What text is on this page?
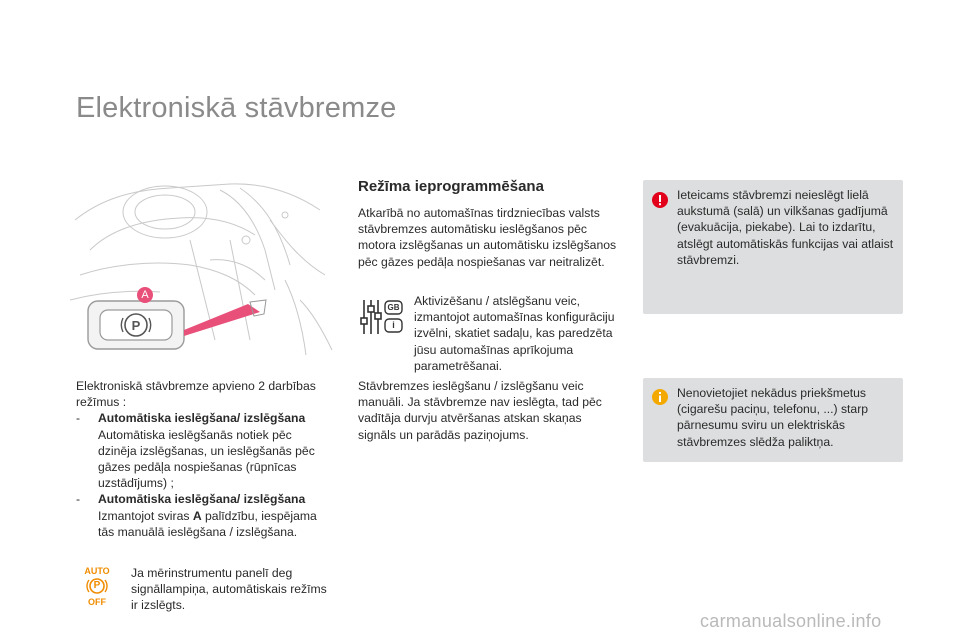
Elektroniskā stāvbremze
P
A

Elektroniskā stāvbremze apvieno 2 darbības režīmus :

-	Automātiska ieslēgšana/ izslēgšana
Automātiska ieslēgšanās notiek pēc dzinēja izslēgšanas, un ieslēgšanās pēc gāzes pedāļa nospiešanas (rūpnīcas uzstādījums) ;
-	Automātiska ieslēgšana/ izslēgšana
Izmantojot sviras A palīdzību, iespējama tās manuālā ieslēgšana / izslēgšana.
AUTO
P
OFF
Ja mērinstrumentu panelī deg signāllampiņa, automātiskais režīms ir izslēgts.
Režīma ieprogrammēšana
Atkarībā no automašīnas tirdzniecības valsts stāvbremzes automātisku ieslēgšanos pēc motora izslēgšanas un automātisku izslēgšanos pēc gāzes pedāļa nospiešanas var neitralizēt.
GB
i
Aktivizēšanu / atslēgšanu veic, izmantojot automašīnas konfigurāciju izvēlni, skatiet sadaļu, kas paredzēta jūsu automašīnas aprīkojuma parametrēšanai.
Stāvbremzes ieslēgšanu / izslēgšanu veic manuāli. Ja stāvbremze nav ieslēgta, tad pēc vadītāja durvju atvēršanas atskan skaņas signāls un parādās paziņojums.
Ieteicams stāvbremzi neieslēgt lielā aukstumā (salā) un vilkšanas gadījumā (evakuācija, piekabe). Lai to izdarītu, atslēgt automātiskās funkcijas vai atlaist stāvbremzi.
Nenovietojiet nekādus priekšmetus (cigarešu paciņu, telefonu, ...) starp pārnesumu sviru un elektriskās stāvbremzes slēdža paliktņa.
carmanualsonline.info
